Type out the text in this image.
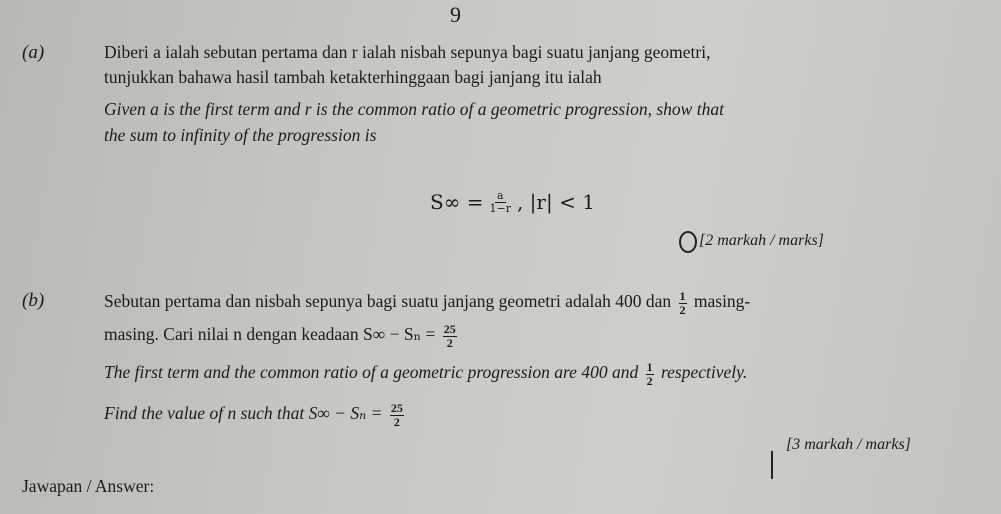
9
(a)	Diberi a ialah sebutan pertama dan r ialah nisbah sepunya bagi suatu janjang geometri,
tunjukkan bahawa hasil tambah ketakterhinggaan bagi janjang itu ialah
Given a is the first term and r is the common ratio of a geometric progression, show that
the sum to infinity of the progression is
$S\infty = \frac{a}{1-r}$ , |r| < 1
[2 markah / marks]
(b)	Sebutan pertama dan nisbah sepunya bagi suatu janjang geometri adalah 400 dan $\frac{1}{2} masing-$
masing. Cari nilai n dengan keadaan $S\infty - S_n = \frac{25}{2}$
The first term and the common ratio of a geometric progression are 400 and $\frac{1}{2}$ respectively.
Find the value of n such that $S\infty - S_n = \frac{25}{2}$
[3 markah / marks]
Jawapan / Answer:
